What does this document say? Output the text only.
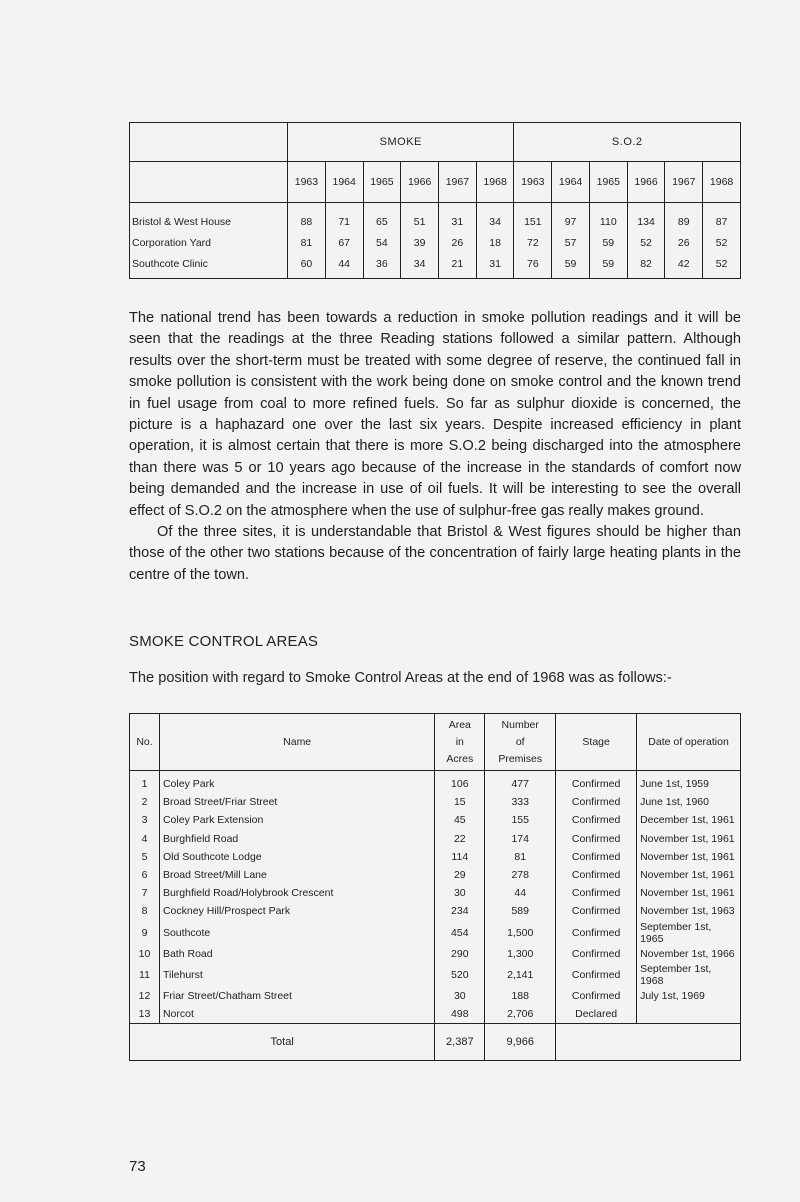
	SMOKE						S.O.2					
	1963	1964	1965	1966	1967	1968	1963	1964	1965	1966	1967	1968
Bristol & West House	88	71	65	51	31	34	151	97	110	134	89	87
Corporation Yard	81	67	54	39	26	18	72	57	59	52	26	52
Southcote Clinic	60	44	36	34	21	31	76	59	59	82	42	52

The national trend has been towards a reduction in smoke pollution readings and it will be seen that the readings at the three Reading stations followed a similar pattern. Although results over the short-term must be treated with some degree of reserve, the continued fall in smoke pollution is consistent with the work being done on smoke control and the known trend in fuel usage from coal to more refined fuels. So far as sulphur dioxide is concerned, the picture is a haphazard one over the last six years. Despite increased efficiency in plant operation, it is almost certain that there is more S.O.2 being discharged into the atmosphere than there was 5 or 10 years ago because of the increase in the standards of comfort now being demanded and the increase in use of oil fuels. It will be interesting to see the overall effect of S.O.2 on the atmosphere when the use of sulphur-free gas really makes ground.

Of the three sites, it is understandable that Bristol & West figures should be higher than those of the other two stations because of the concentration of fairly large heating plants in the centre of the town.

SMOKE CONTROL AREAS
The position with regard to Smoke Control Areas at the end of 1968 was as follows:-
No.	Name	Area
in
Acres	Number
of
Premises	Stage	Date of operation
1	Coley Park	106	477	Confirmed	June 1st, 1959
2	Broad Street/Friar Street	15	333	Confirmed	June 1st, 1960
3	Coley Park Extension	45	155	Confirmed	December 1st, 1961
4	Burghfield Road	22	174	Confirmed	November 1st, 1961
5	Old Southcote Lodge	114	81	Confirmed	November 1st, 1961
6	Broad Street/Mill Lane	29	278	Confirmed	November 1st, 1961
7	Burghfield Road/Holybrook Crescent	30	44	Confirmed	November 1st, 1961
8	Cockney Hill/Prospect Park	234	589	Confirmed	November 1st, 1963
9	Southcote	454	1,500	Confirmed	September 1st, 1965
10	Bath Road	290	1,300	Confirmed	November 1st, 1966
11	Tilehurst	520	2,141	Confirmed	September 1st, 1968
12	Friar Street/Chatham Street	30	188	Confirmed	July 1st, 1969
13	Norcot	498	2,706	Declared	
Total		2,387	9,966		
73
